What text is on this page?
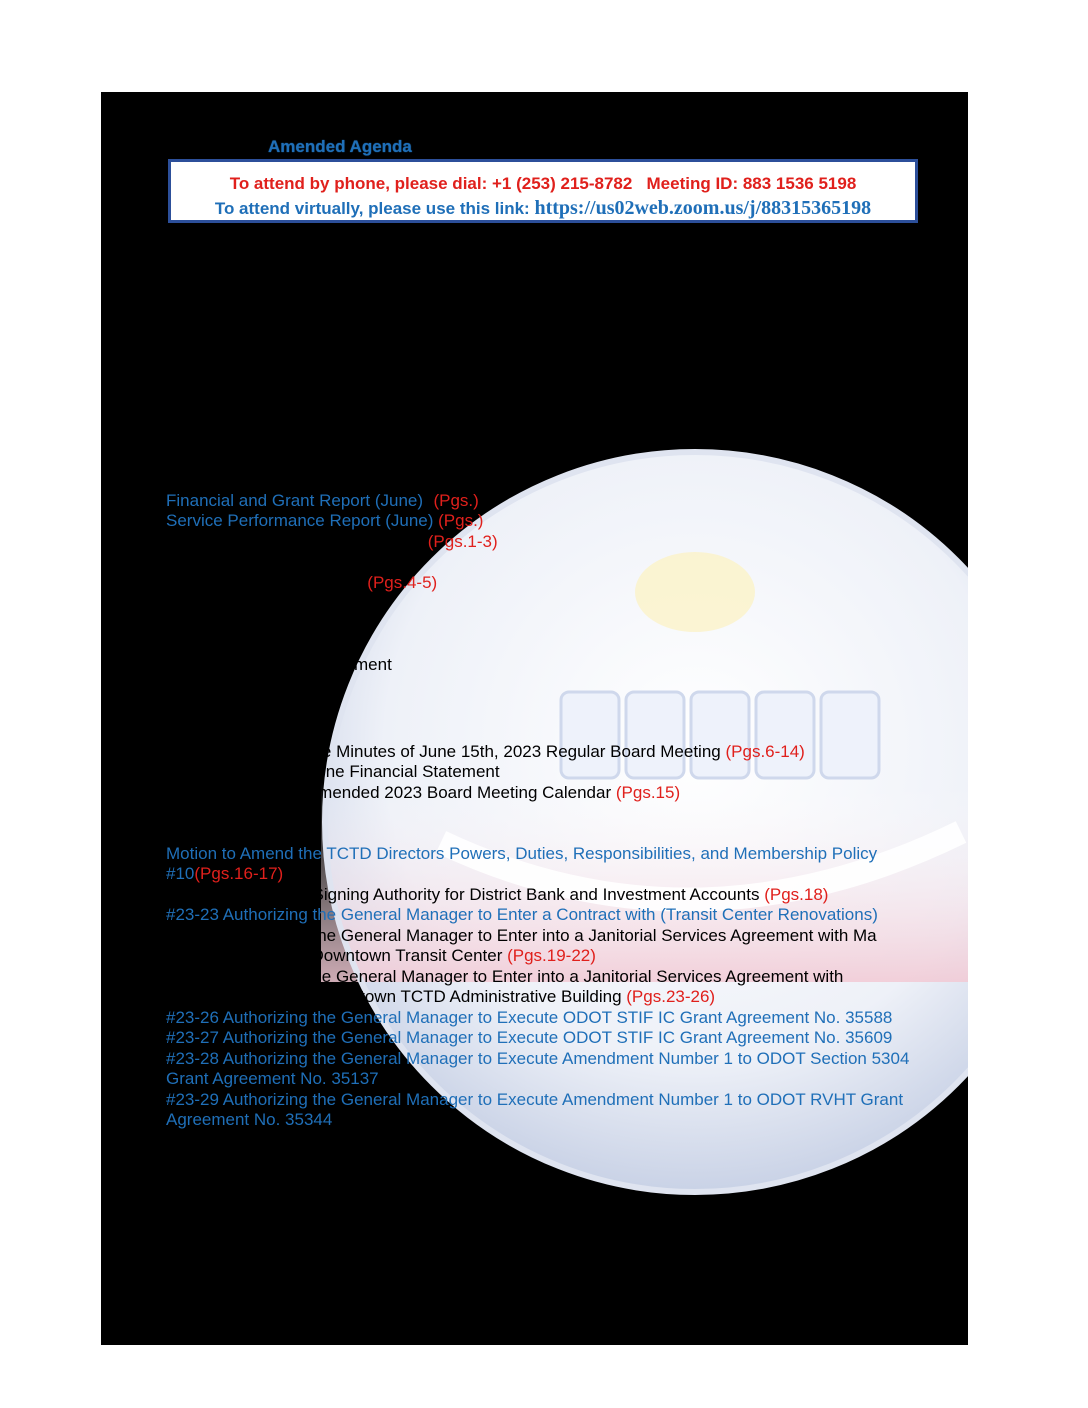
Amended Agenda
To attend by phone, please dial: +1 (253) 215-8782   Meeting ID: 883 1536 5198
To attend virtually, please use this link: https://us02web.zoom.us/j/88315365198
nd Changes to Agenda
c Comments
Session: None
Office – New Board Directors
on of Officers
it Presentation
OF THE DISTRICT REPORT
Financial and Grant Report (June)) (Pgs.)
Service Performance Report (June) (Pgs.)
Northwest Oregon Transit Alliance (Pgs.1-3)
. NW Rides Brokerage
4. General Managers Report (Pgs.4-5)
a. Administration/Coordination
b. Planning/Development
c. Grant Funding
d. Facility/Property Management
15. Miscellaneous
CONSENT
16. Motion to Approve the Minutes of June 15th, 2023 Regular Board Meeting (Pgs.6-14)
17. Motion to Approve June Financial Statement
18. Motion to Approve Amended 2023 Board Meeting Calendar (Pgs.15)
CTION ITEMS
9. Motion to Amend the TCTD Directors Powers, Duties, Responsibilities, and Membership Policy
#10(Pgs.16-17)
#23-22 Authorizing Signing Authority for District Bank and Investment Accounts (Pgs.18)
#23-23 Authorizing the General Manager to Enter a Contract with (Transit Center Renovations)
#23-24 Authorizing the General Manager to Enter into a Janitorial Services Agreement with Ma
Hills Center for the Downtown Transit Center (Pgs.19-22)
3-25 Authorizing the General Manager to Enter into a Janitorial Services Agreement with
Center for the Downtown TCTD Administrative Building (Pgs.23-26)
#23-26 Authorizing the General Manager to Execute ODOT STIF IC Grant Agreement No. 35588
#23-27 Authorizing the General Manager to Execute ODOT STIF IC Grant Agreement No. 35609
#23-28 Authorizing the General Manager to Execute Amendment Number 1 to ODOT Section 5304
Grant Agreement No. 35137
#23-29 Authorizing the General Manager to Execute Amendment Number 1 to ODOT RVHT Grant
Agreement No. 35344
